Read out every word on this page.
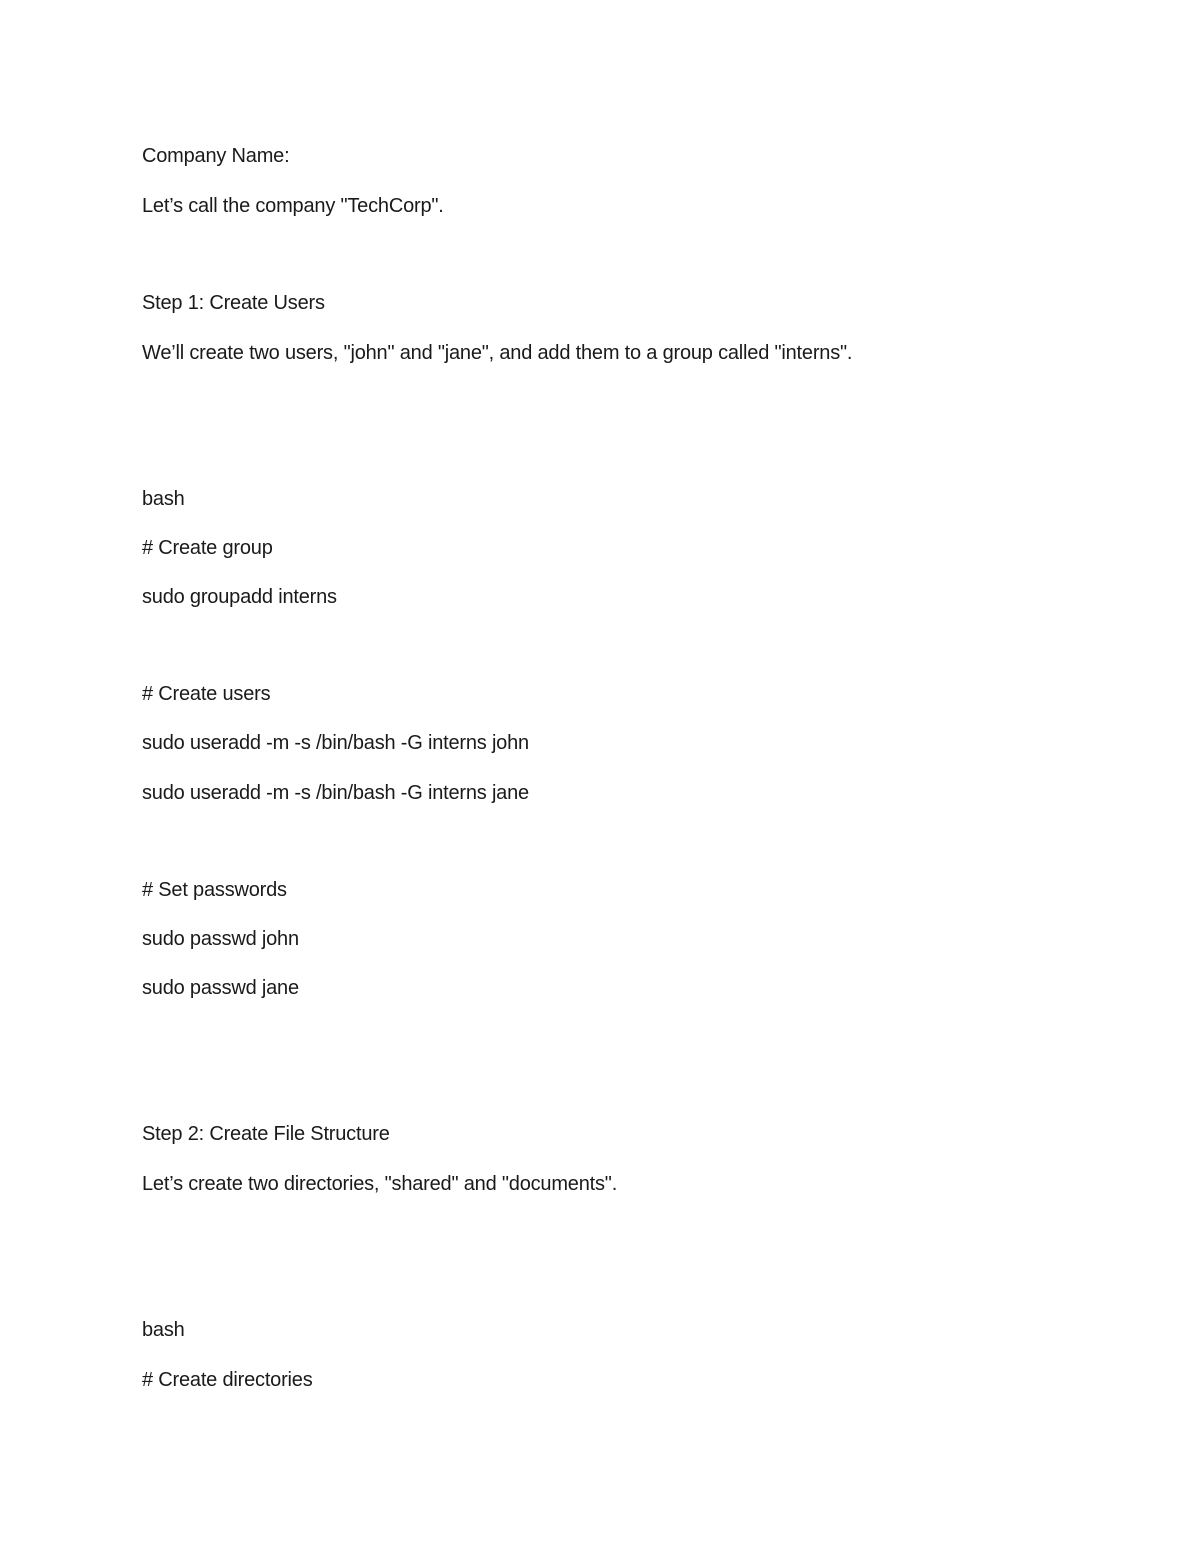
Company Name:

Let’s call the company "TechCorp".

Step 1: Create Users

We’ll create two users, "john" and "jane", and add them to a group called "interns".

bash

# Create group

sudo groupadd interns

# Create users

sudo useradd -m -s /bin/bash -G interns john

sudo useradd -m -s /bin/bash -G interns jane

# Set passwords

sudo passwd john

sudo passwd jane

Step 2: Create File Structure

Let’s create two directories, "shared" and "documents".

bash

# Create directories
